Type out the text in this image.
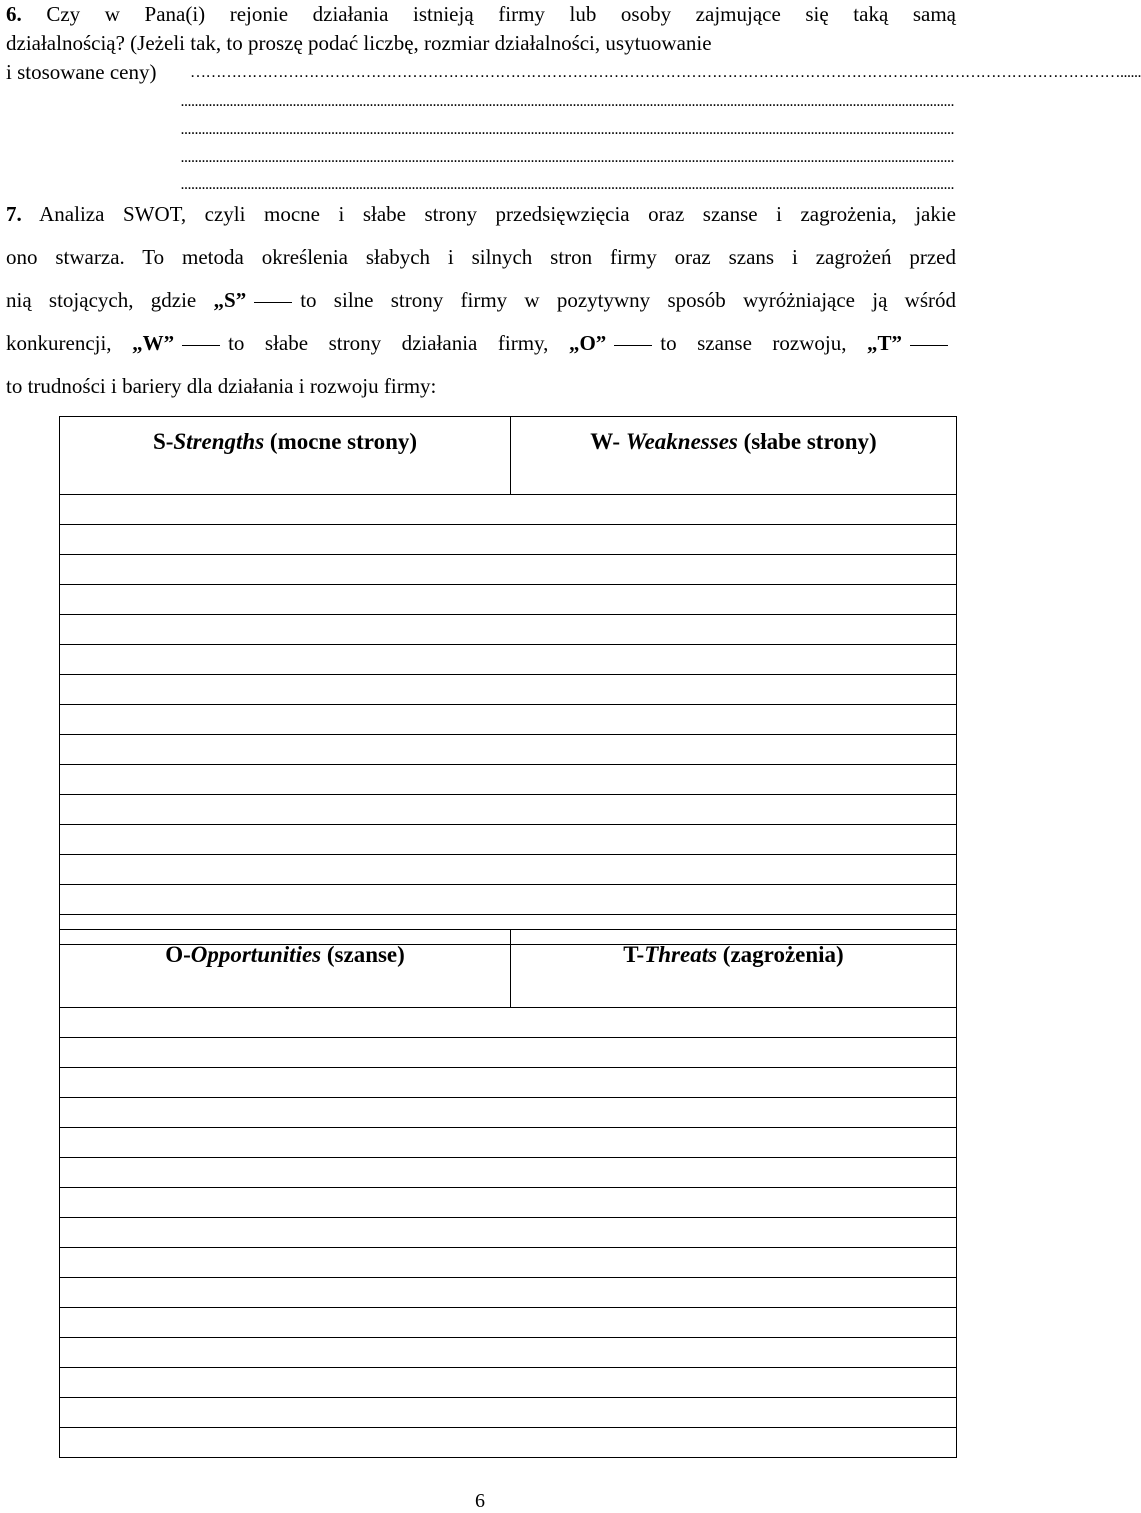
6. Czy w Pana(i) rejonie działania istnieją firmy lub osoby zajmujące się taką samą
działalnością? (Jeżeli tak, to proszę podać liczbę, rozmiar działalności, usytuowanie
i stosowane ceny)	………………………………………………………………………………………………………………………………………………………………......
.............................................................................................................................................................................................................................
.............................................................................................................................................................................................................................
.............................................................................................................................................................................................................................
.............................................................................................................................................................................................................................
7. Analiza SWOT, czyli mocne i słabe strony przedsięwzięcia oraz szanse i zagrożenia, jakie
ono stwarza. To metoda określenia słabych i silnych stron firmy oraz szans i zagrożeń przed
nią stojących, gdzie „S”	to silne strony firmy w pozytywny sposób wyróżniające ją wśród
konkurencji, „W”	to słabe strony działania firmy, „O”	to szanse rozwoju, „T”
to trudności i bariery dla działania i rozwoju firmy:
S-Strengths (mocne strony)	W- Weaknesses (słabe strony)

O-Opportunities (szanse)	T-Threats (zagrożenia)

6
